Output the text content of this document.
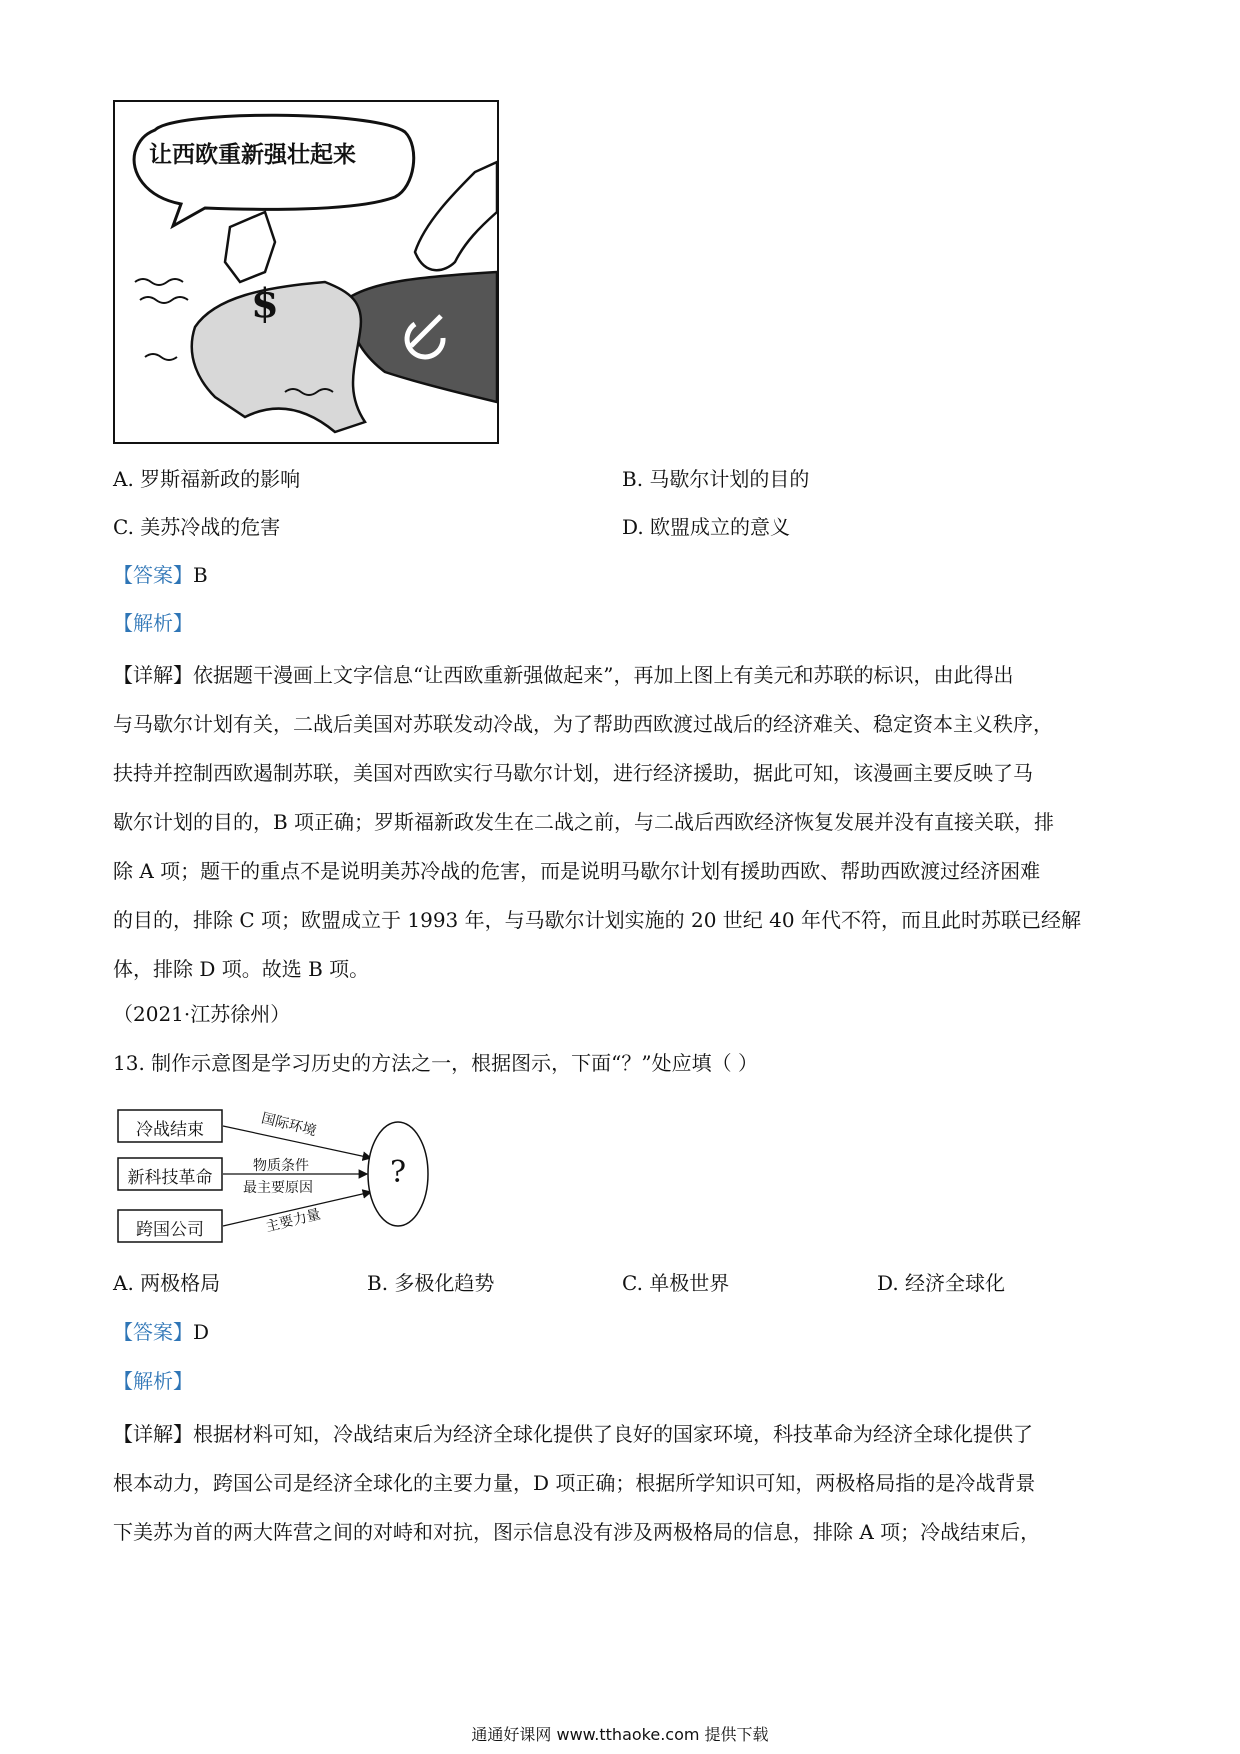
让西欧重新强壮起来
$
A. 罗斯福新政的影响	B. 马歇尔计划的目的
C. 美苏冷战的危害	D. 欧盟成立的意义
【答案】B
【解析】
【详解】依据题干漫画上文字信息“让西欧重新强做起来”，再加上图上有美元和苏联的标识，由此得出
与马歇尔计划有关，二战后美国对苏联发动冷战，为了帮助西欧渡过战后的经济难关、稳定资本主义秩序，
扶持并控制西欧遏制苏联，美国对西欧实行马歇尔计划，进行经济援助，据此可知，该漫画主要反映了马
歇尔计划的目的，B 项正确；罗斯福新政发生在二战之前，与二战后西欧经济恢复发展并没有直接关联，排
除 A 项；题干的重点不是说明美苏冷战的危害，而是说明马歇尔计划有援助西欧、帮助西欧渡过经济困难
的目的，排除 C 项；欧盟成立于 1993 年，与马歇尔计划实施的 20 世纪 40 年代不符，而且此时苏联已经解
体，排除 D 项。故选 B 项。
（2021·江苏徐州）
13. 制作示意图是学习历史的方法之一，根据图示，下面“？”处应填（ ）
冷战结束
新科技革命
跨国公司
国际环境
物质条件
最主要原因
主要力量
?
A. 两极格局	B. 多极化趋势	C. 单极世界	D. 经济全球化
【答案】D
【解析】
【详解】根据材料可知，冷战结束后为经济全球化提供了良好的国家环境，科技革命为经济全球化提供了
根本动力，跨国公司是经济全球化的主要力量，D 项正确；根据所学知识可知，两极格局指的是冷战背景
下美苏为首的两大阵营之间的对峙和对抗，图示信息没有涉及两极格局的信息，排除 A 项；冷战结束后，
通通好课网 www.tthaoke.com 提供下载
